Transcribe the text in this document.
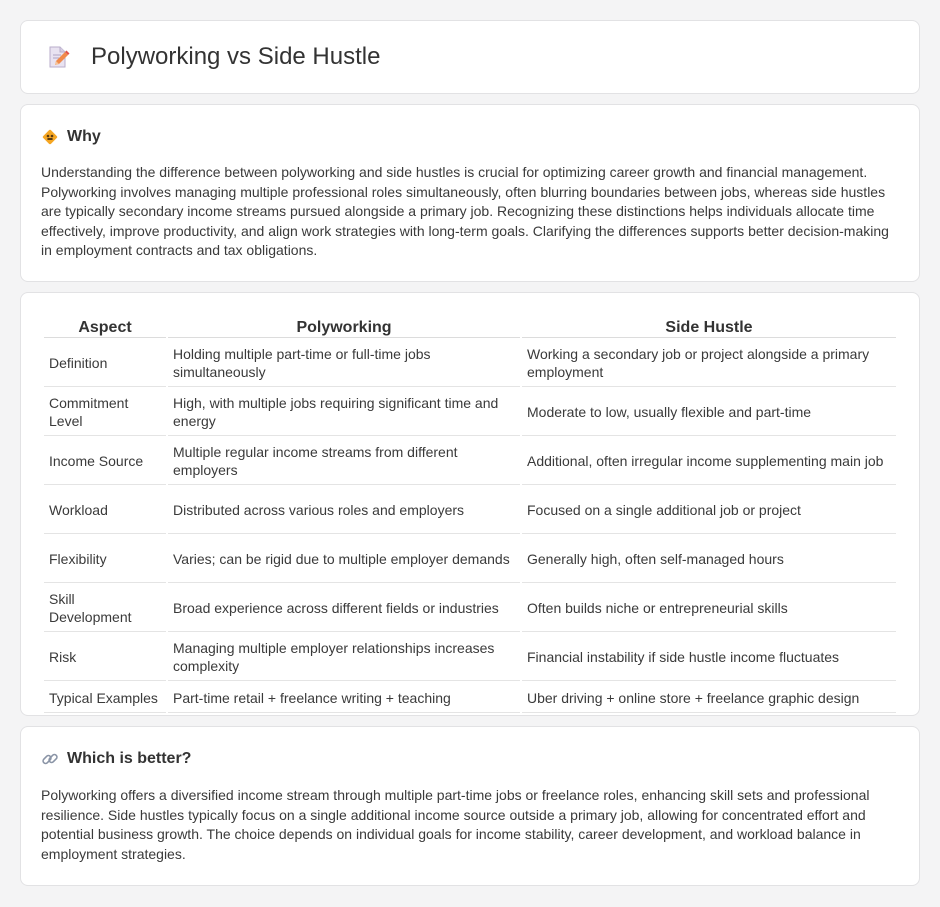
Polyworking vs Side Hustle
Why

Understanding the difference between polyworking and side hustles is crucial for optimizing career growth and financial management. Polyworking involves managing multiple professional roles simultaneously, often blurring boundaries between jobs, whereas side hustles are typically secondary income streams pursued alongside a primary job. Recognizing these distinctions helps individuals allocate time effectively, improve productivity, and align work strategies with long-term goals. Clarifying the differences supports better decision-making in employment contracts and tax obligations.

Aspect	Polyworking	Side Hustle
Definition	Holding multiple part-time or full-time jobs simultaneously	Working a secondary job or project alongside a primary employment
Commitment Level	High, with multiple jobs requiring significant time and energy	Moderate to low, usually flexible and part-time
Income Source	Multiple regular income streams from different employers	Additional, often irregular income supplementing main job
Workload	Distributed across various roles and employers	Focused on a single additional job or project
Flexibility	Varies; can be rigid due to multiple employer demands	Generally high, often self-managed hours
Skill Development	Broad experience across different fields or industries	Often builds niche or entrepreneurial skills
Risk	Managing multiple employer relationships increases complexity	Financial instability if side hustle income fluctuates
Typical Examples	Part-time retail + freelance writing + teaching	Uber driving + online store + freelance graphic design
Which is better?

Polyworking offers a diversified income stream through multiple part-time jobs or freelance roles, enhancing skill sets and professional resilience. Side hustles typically focus on a single additional income source outside a primary job, allowing for concentrated effort and potential business growth. The choice depends on individual goals for income stability, career development, and workload balance in employment strategies.
